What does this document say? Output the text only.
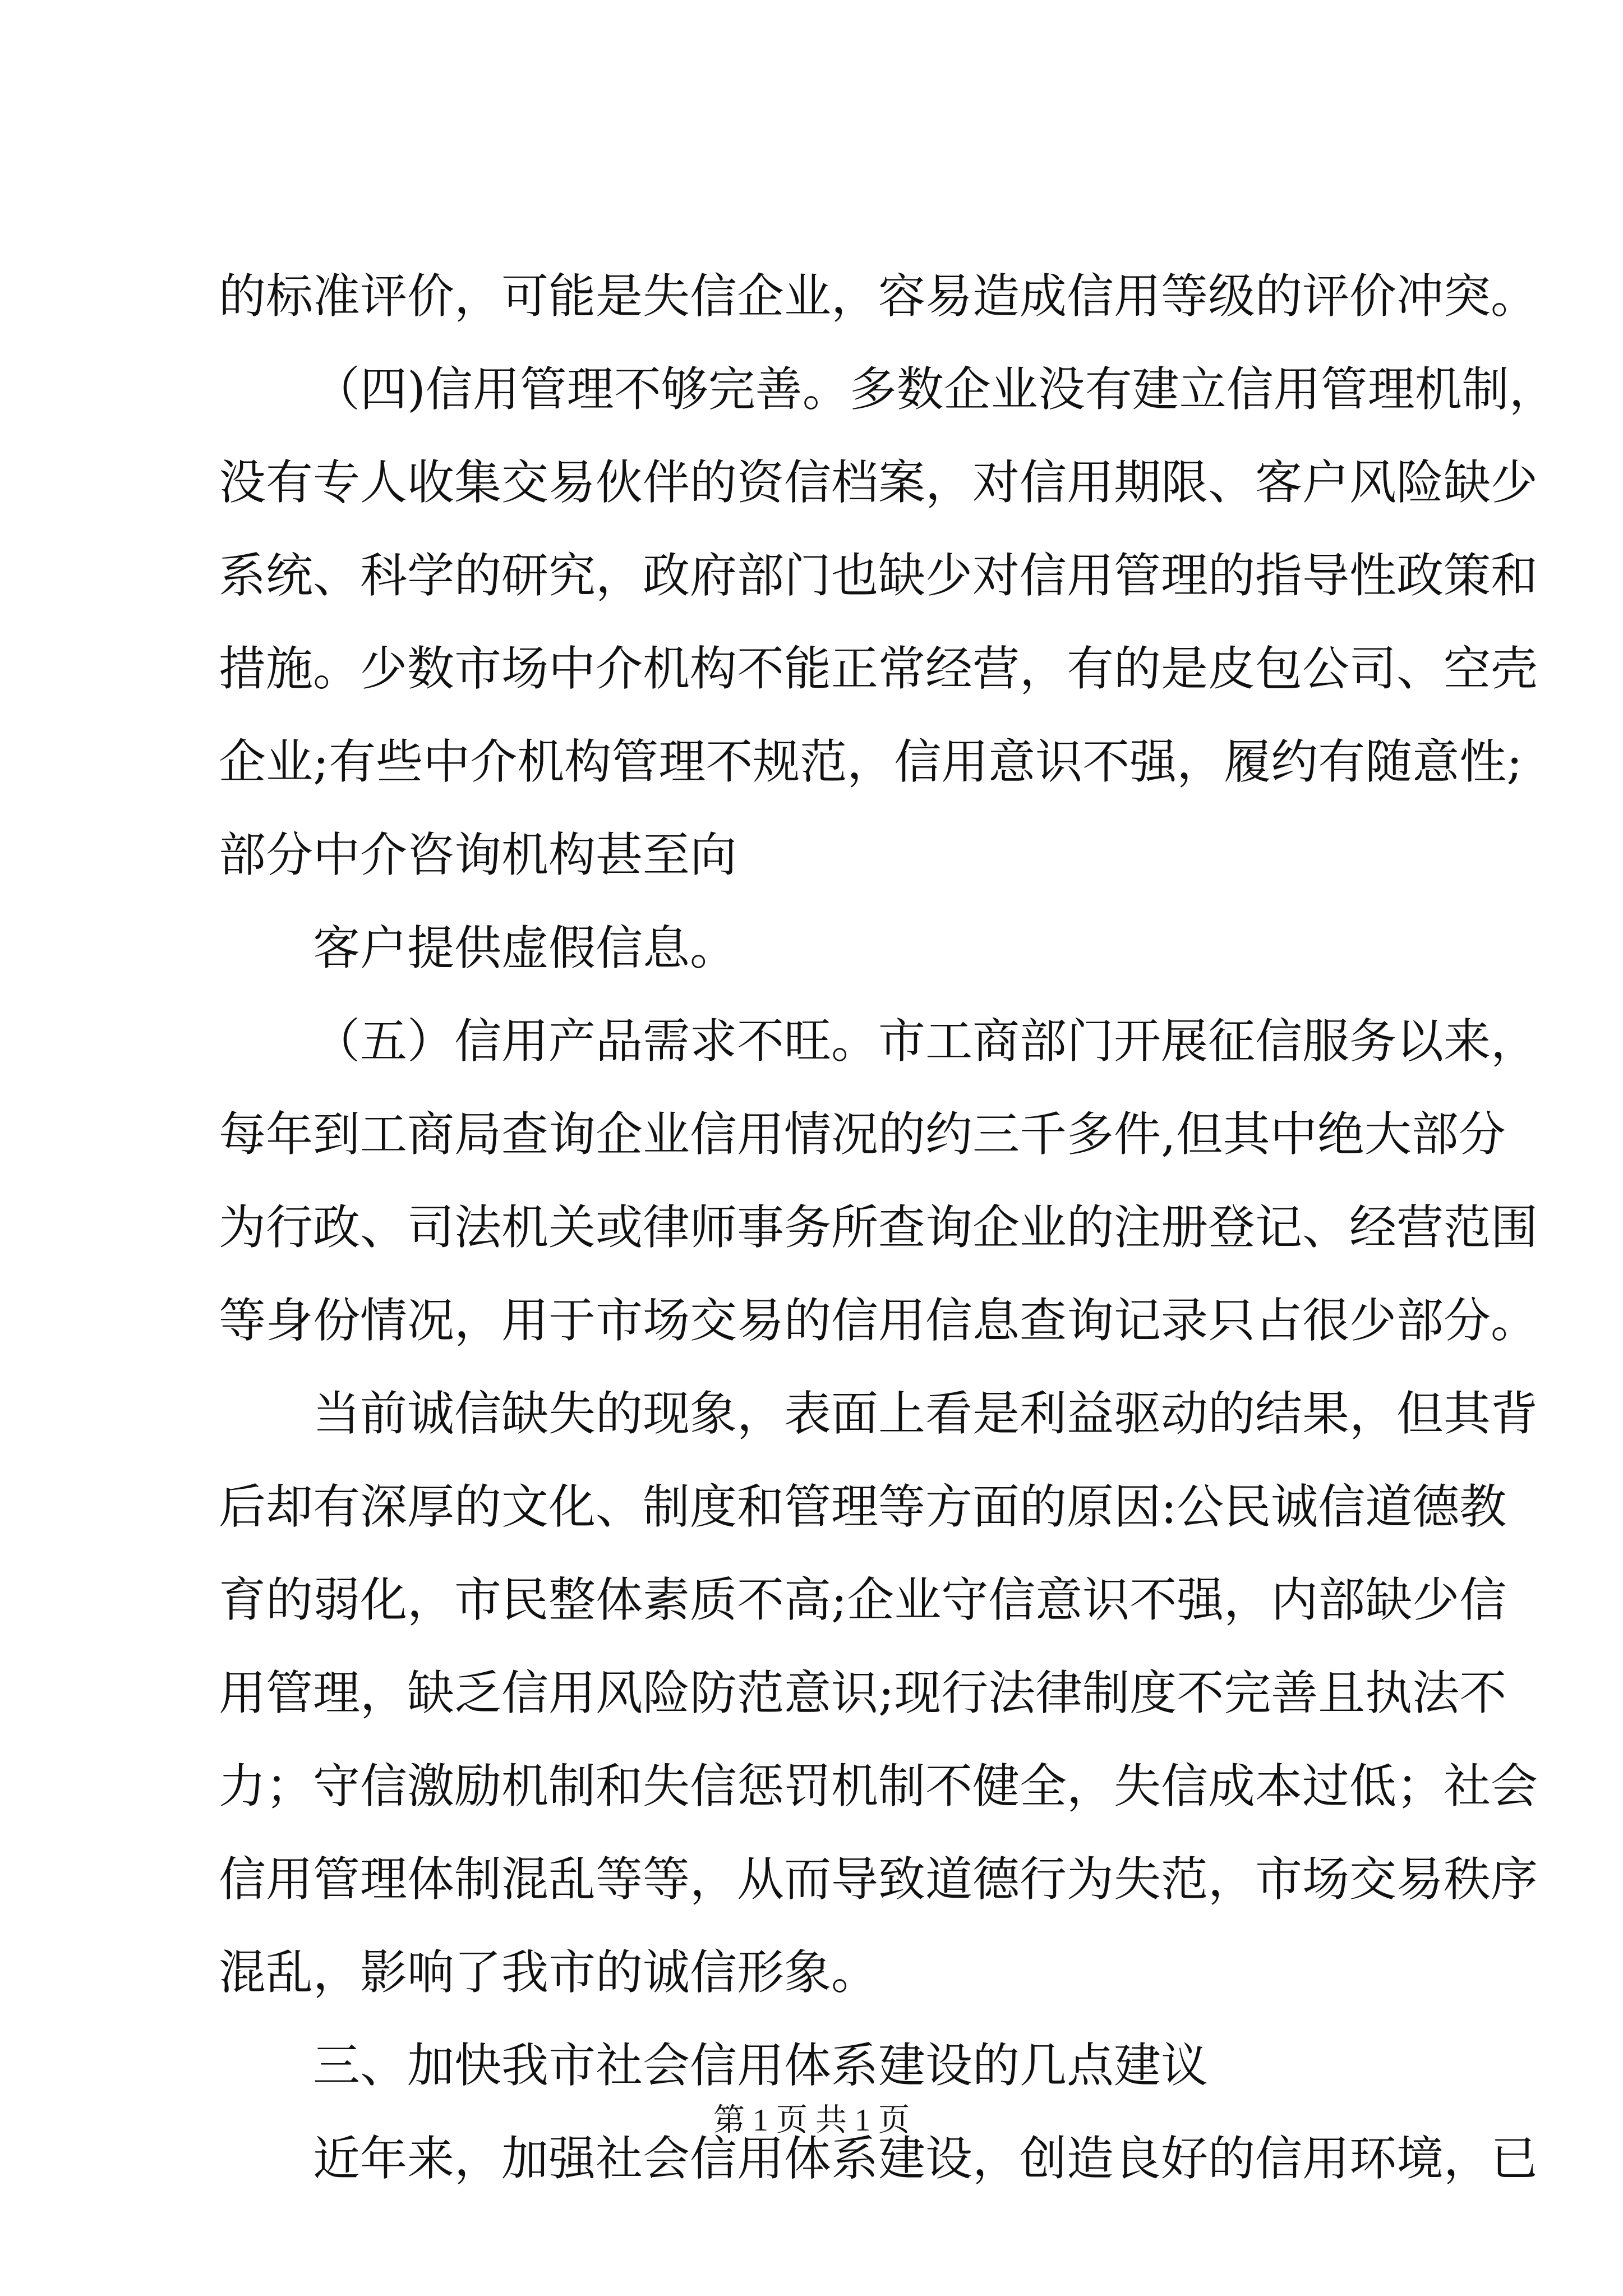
的标准评价，可能是失信企业，容易造成信用等级的评价冲突。
（四)信用管理不够完善。多数企业没有建立信用管理机制，
没有专人收集交易伙伴的资信档案，对信用期限、客户风险缺少
系统、科学的研究，政府部门也缺少对信用管理的指导性政策和
措施。少数市场中介机构不能正常经营，有的是皮包公司、空壳
企业;有些中介机构管理不规范，信用意识不强，履约有随意性;
部分中介咨询机构甚至向
客户提供虚假信息。
（五）信用产品需求不旺。市工商部门开展征信服务以来，
每年到工商局查询企业信用情况的约三千多件,但其中绝大部分
为行政、司法机关或律师事务所查询企业的注册登记、经营范围
等身份情况，用于市场交易的信用信息查询记录只占很少部分。
当前诚信缺失的现象，表面上看是利益驱动的结果，但其背
后却有深厚的文化、制度和管理等方面的原因:公民诚信道德教
育的弱化，市民整体素质不高;企业守信意识不强，内部缺少信
用管理，缺乏信用风险防范意识;现行法律制度不完善且执法不
力；守信激励机制和失信惩罚机制不健全，失信成本过低；社会
信用管理体制混乱等等，从而导致道德行为失范，市场交易秩序
混乱，影响了我市的诚信形象。
三、加快我市社会信用体系建设的几点建议
近年来，加强社会信用体系建设，创造良好的信用环境，已
第 1 页 共 1 页
